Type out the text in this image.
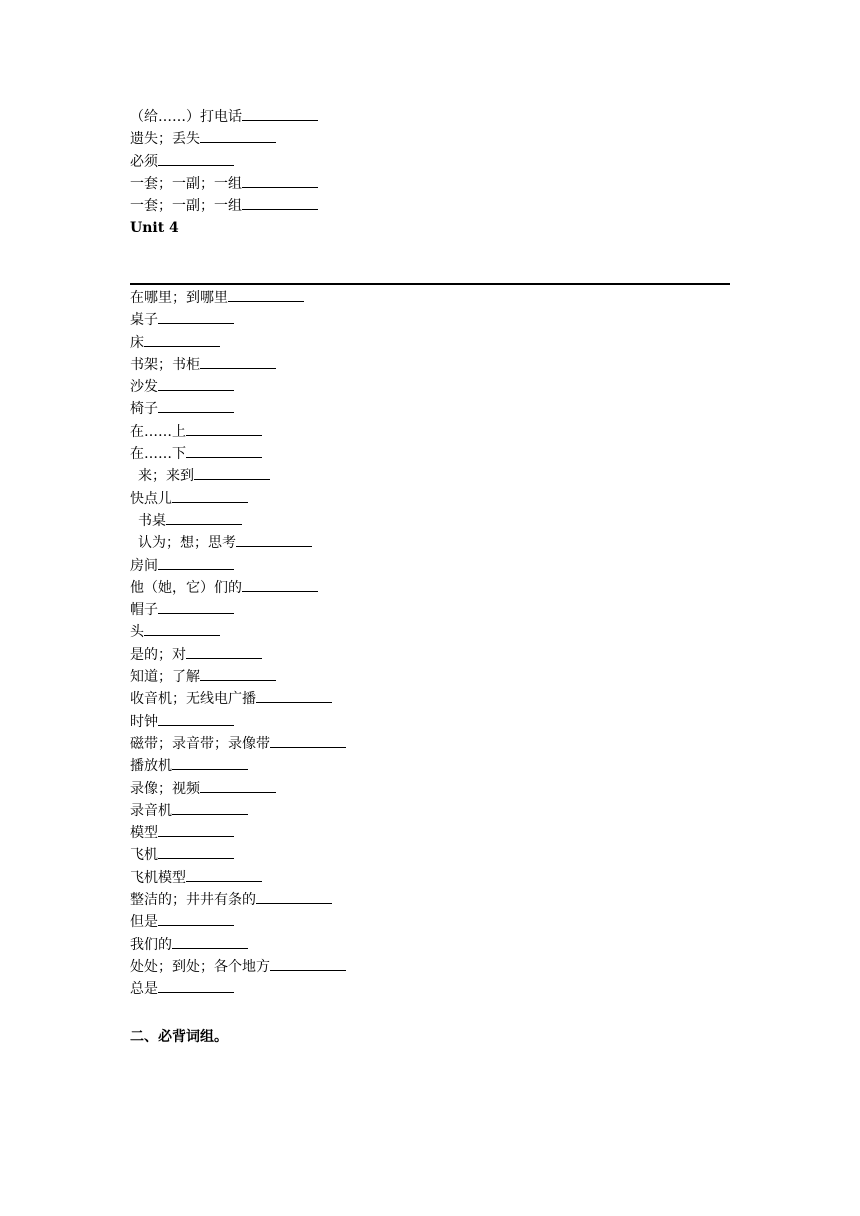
（给……）打电话
遗失；丢失
必须
一套；一副；一组
一套；一副；一组
Unit 4
在哪里；到哪里
桌子
床
书架；书柜
沙发
椅子
在……上
在……下
来；来到
快点儿
书桌
认为；想；思考
房间
他（她，它）们的
帽子
头
是的；对
知道；了解
收音机；无线电广播
时钟
磁带；录音带；录像带
播放机
录像；视频
录音机
模型
飞机
飞机模型
整洁的；井井有条的
但是
我们的
处处；到处；各个地方
总是
二、必背词组。
